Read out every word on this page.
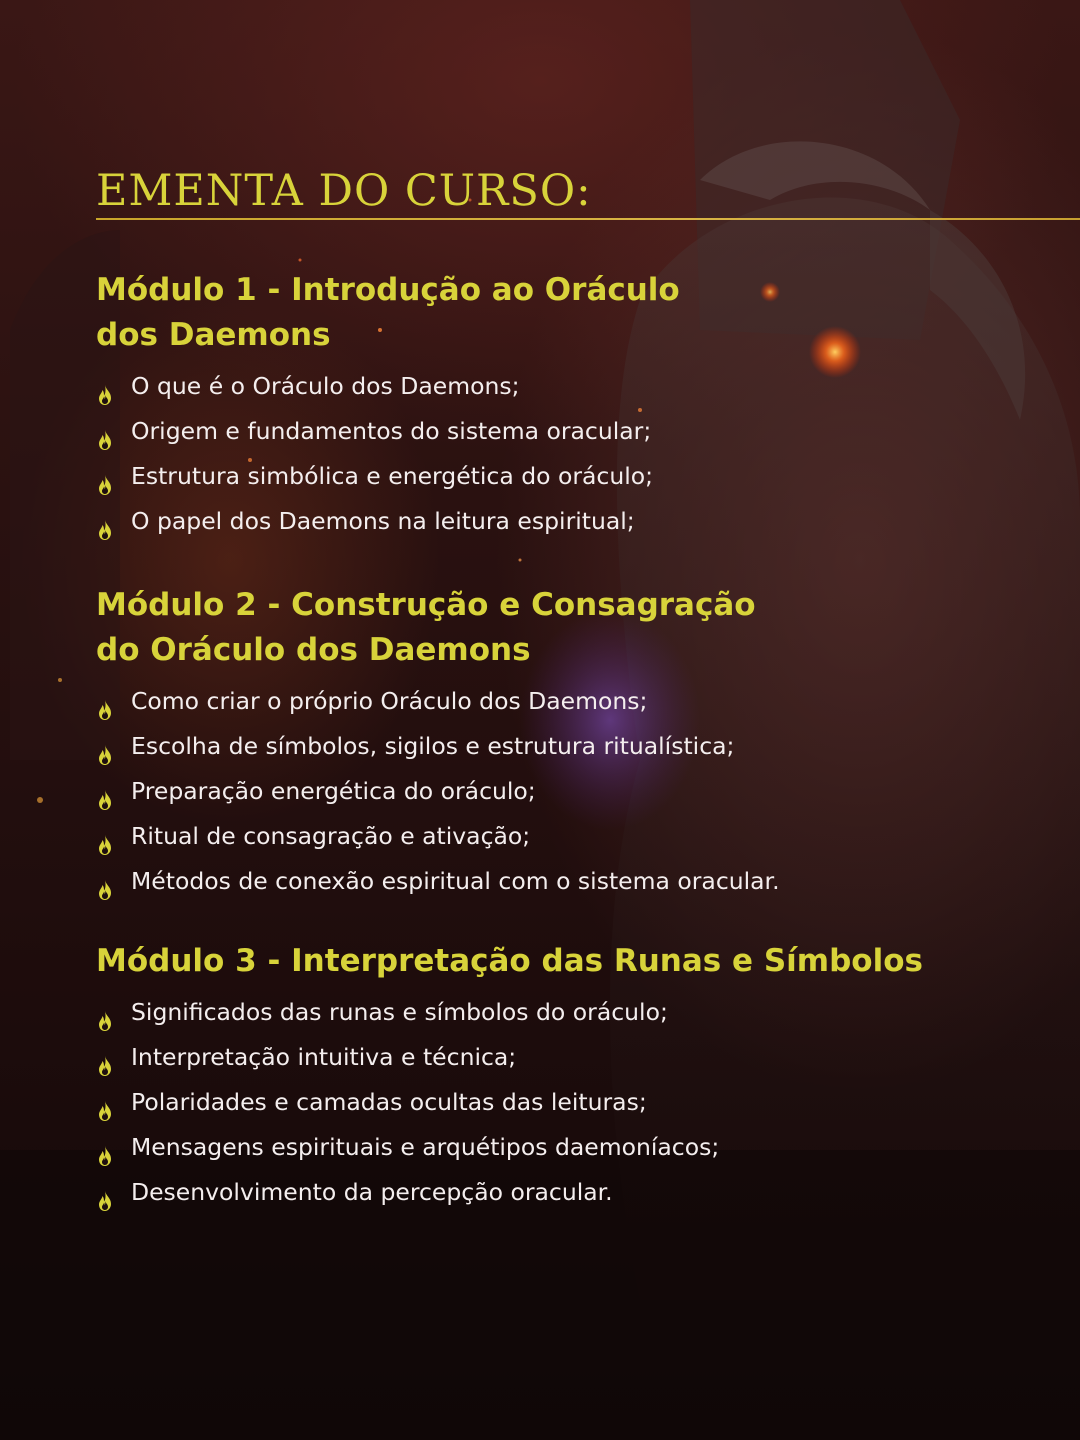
EMENTA DO CURSO:
Módulo 1 - Introdução ao Oráculo
dos Daemons
O que é o Oráculo dos Daemons;
Origem e fundamentos do sistema oracular;
Estrutura simbólica e energética do oráculo;
O papel dos Daemons na leitura espiritual;
Módulo 2 - Construção e Consagração
do Oráculo dos Daemons
Como criar o próprio Oráculo dos Daemons;
Escolha de símbolos, sigilos e estrutura ritualística;
Preparação energética do oráculo;
Ritual de consagração e ativação;
Métodos de conexão espiritual com o sistema oracular.
Módulo 3 - Interpretação das Runas e Símbolos
Significados das runas e símbolos do oráculo;
Interpretação intuitiva e técnica;
Polaridades e camadas ocultas das leituras;
Mensagens espirituais e arquétipos daemoníacos;
Desenvolvimento da percepção oracular.
